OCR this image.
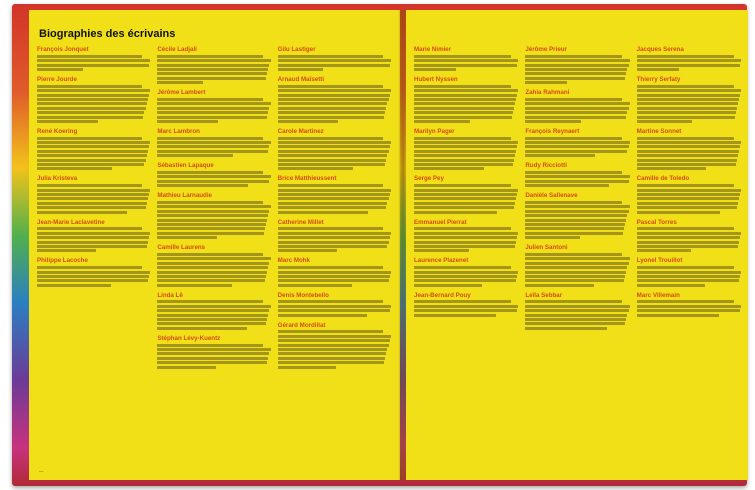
Biographies des écrivains
François Jonquet
Pierre Jourde
René Koering
Julia Kristeva
Jean-Marie Laclavetine
Philippe Lacoche
Cécile Ladjali
Jérôme Lambert
Marc Lambron
Sébastien Lapaque
Mathieu Larnaudie
Camille Laurens
Linda Lê
Stéphan Lévy-Kuentz
Gilu Lastiger
Arnaud Maïsetti
Carole Martinez
Brice Matthieussent
Catherine Millet
Marc Mohk
Denis Montebello
Gérard Mordillat
—
Marie Nimier
Hubert Nyssen
Marilyn Pager
Serge Pey
Emmanuel Pierrat
Laurence Plazenet
Jean-Bernard Pouy
Jérôme Prieur
Zahia Rahmani
François Reynaert
Rudy Ricciotti
Danièle Sallenave
Julien Santoni
Leïla Sebbar
Jacques Serena
Thierry Serfaty
Martine Sonnet
Camille de Toledo
Pascal Torres
Lyonel Trouillot
Marc Villemain
